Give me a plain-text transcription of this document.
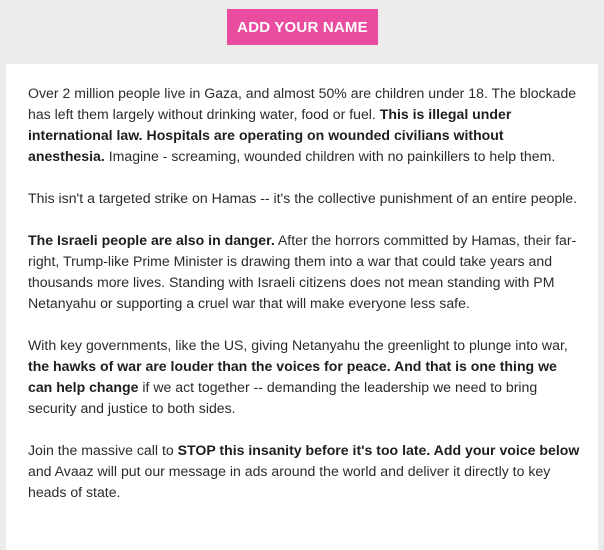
ADD YOUR NAME

Over 2 million people live in Gaza, and almost 50% are children under 18. The blockade has left them largely without drinking water, food or fuel. This is illegal under international law. Hospitals are operating on wounded civilians without anesthesia. Imagine - screaming, wounded children with no painkillers to help them.

This isn't a targeted strike on Hamas -- it's the collective punishment of an entire people.

The Israeli people are also in danger. After the horrors committed by Hamas, their far-right, Trump-like Prime Minister is drawing them into a war that could take years and thousands more lives. Standing with Israeli citizens does not mean standing with PM Netanyahu or supporting a cruel war that will make everyone less safe.

With key governments, like the US, giving Netanyahu the greenlight to plunge into war, the hawks of war are louder than the voices for peace. And that is one thing we can help change if we act together -- demanding the leadership we need to bring security and justice to both sides.

Join the massive call to STOP this insanity before it's too late. Add your voice below and Avaaz will put our message in ads around the world and deliver it directly to key heads of state.
